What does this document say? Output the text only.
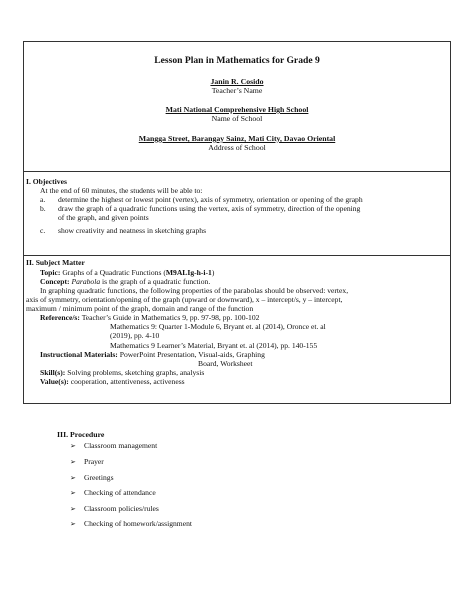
Lesson Plan in Mathematics for Grade 9
Janin R. Cosido
Teacher’s Name
Mati National Comprehensive High School
Name of School
Mangga Street, Barangay Sainz, Mati City, Davao Oriental
Address of School
I. Objectives
At the end of 60 minutes, the students will be able to:
a. determine the highest or lowest point (vertex), axis of symmetry, orientation or opening of the graph
b. draw the graph of a quadratic functions using the vertex, axis of symmetry, direction of the opening
of the graph, and given points
c. show creativity and neatness in sketching graphs
II. Subject Matter
Topic: Graphs of a Quadratic Functions (M9ALIg-h-i-1)
Concept: Parabola is the graph of a quadratic function.
In graphing quadratic functions, the following properties of the parabolas should be observed: vertex,
axis of symmetry, orientation/opening of the graph (upward or downward), x – intercept/s, y – intercept,
maximum / minimum point of the graph, domain and range of the function
Reference/s: Teacher’s Guide in Mathematics 9, pp. 97-98, pp. 100-102
Mathematics 9: Quarter 1-Module 6, Bryant et. al (2014), Oronce et. al
(2019), pp. 4-10
Mathematics 9 Learner’s Material, Bryant et. al (2014), pp. 140-155
Instructional Materials: PowerPoint Presentation, Visual-aids, Graphing
Board, Worksheet
Skill(s): Solving problems, sketching graphs, analysis
Value(s): cooperation, attentiveness, activeness
III. Procedure
➢ Classroom management
➢ Prayer
➢ Greetings
➢ Checking of attendance
➢ Classroom policies/rules
➢ Checking of homework/assignment
